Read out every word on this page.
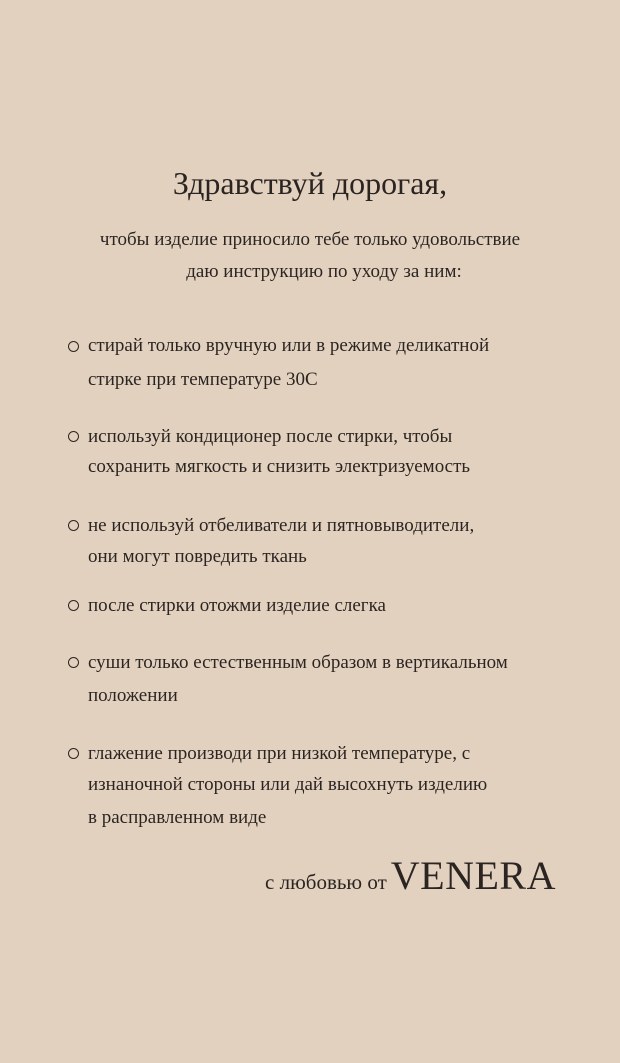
Здравствуй дорогая,
чтобы изделие приносило тебе только удовольствие
даю инструкцию по уходу за ним:
стирай только вручную или в режиме деликатной
стирке при температуре 30С
используй кондиционер после стирки, чтобы
сохранить мягкость и снизить электризуемость
не используй отбеливатели и пятновыводители,
они могут повредить ткань
после стирки отожми изделие слегка
суши только естественным образом в вертикальном
положении
глажение производи при низкой температуре, с
изнаночной стороны или дай высохнуть изделию
в расправленном виде
с любовью от VENERA
